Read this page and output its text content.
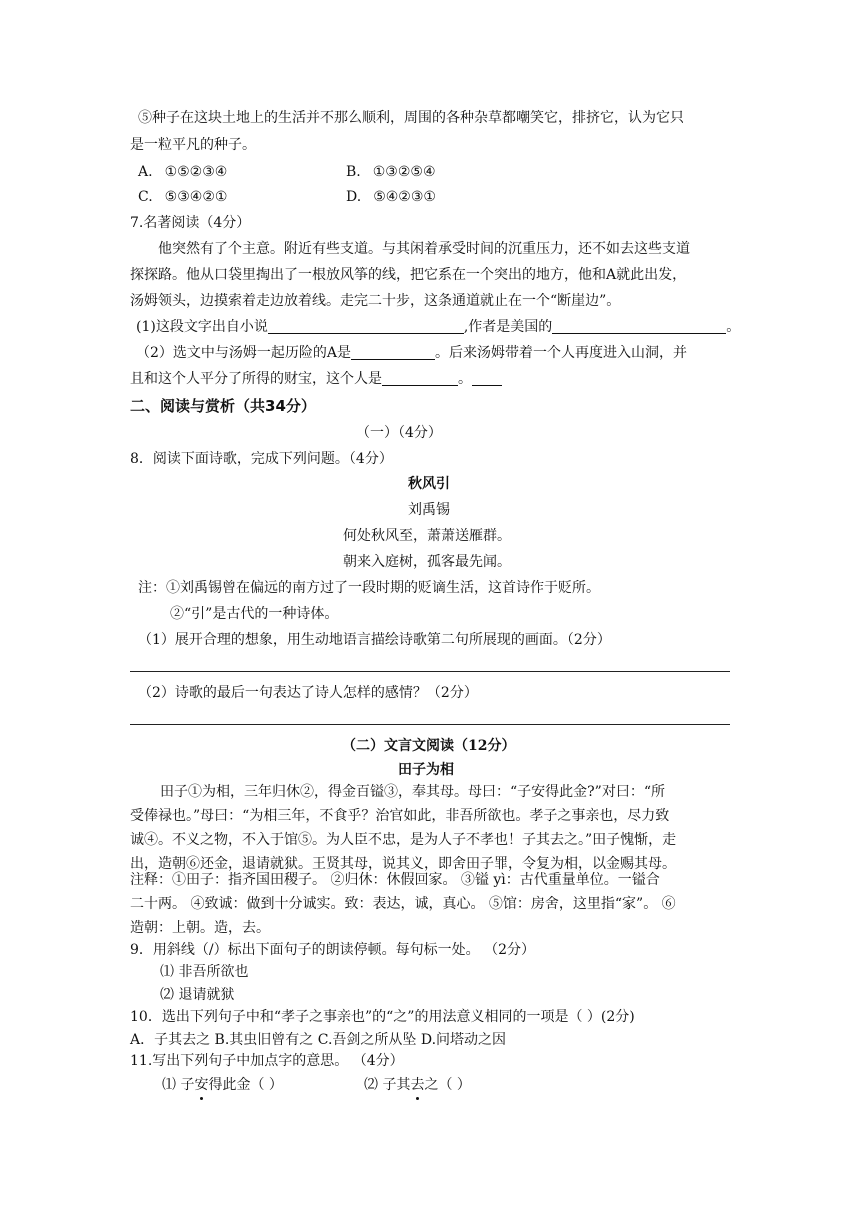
⑤种子在这块土地上的生活并不那么顺利，周围的各种杂草都嘲笑它，排挤它，认为它只
是一粒平凡的种子。
A. ①⑤②③④	B. ①③②⑤④
C. ⑤③④②①	D. ⑤④②③①
7.名著阅读（4分）
他突然有了个主意。附近有些支道。与其闲着承受时间的沉重压力，还不如去这些支道
探探路。他从口袋里掏出了一根放风筝的线，把它系在一个突出的地方，他和A就此出发，
汤姆领头，边摸索着走边放着线。走完二十步，这条通道就止在一个“断崖边”。
(1)这段文字出自小说	,作者是美国的	。
（2）选文中与汤姆一起历险的A是	。后来汤姆带着一个人再度进入山洞，并
且和这个人平分了所得的财宝，这个人是	。
二、阅读与赏析（共34分）
（一）（4分）
8．阅读下面诗歌，完成下列问题。（4分）
秋风引
刘禹锡
何处秋风至，萧萧送雁群。
朝来入庭树，孤客最先闻。
注：①刘禹锡曾在偏远的南方过了一段时期的贬谪生活，这首诗作于贬所。
②“引”是古代的一种诗体。
（1）展开合理的想象，用生动地语言描绘诗歌第二句所展现的画面。（2分）
（2）诗歌的最后一句表达了诗人怎样的感情？（2分）
（二）文言文阅读（12分）
田子为相
田子①为相，三年归休②，得金百镒③，奉其母。母曰：“子安得此金?”对曰：“所
受俸禄也。”母曰：“为相三年，不食乎？治官如此，非吾所欲也。孝子之事亲也，尽力致
诚④。不义之物，不入于馆⑤。为人臣不忠，是为人子不孝也！子其去之。”田子愧惭，走
出，造朝⑥还金，退请就狱。王贤其母，说其义，即舍田子罪，令复为相，以金赐其母。
注释：①田子：指齐国田稷子。 ②归休：休假回家。 ③镒 yì：古代重量单位。一镒合
二十两。 ④致诚：做到十分诚实。致：表达，诚，真心。 ⑤馆：房舍，这里指“家”。 ⑥
造朝：上朝。造，去。
9．用斜线（/）标出下面句子的朗读停顿。每句标一处。 （2分）
⑴ 非吾所欲也
⑵ 退请就狱
10．选出下列句子中和“孝子之事亲也”的“之”的用法意义相同的一项是（ ）(2分)
A．子其去之 B.其虫旧曾有之 C.吾剑之所从坠 D.问塔动之因
11.写出下列句子中加点字的意思。 （4分）
⑴ 子安得此金（ ）	⑵ 子其去之（ ）
